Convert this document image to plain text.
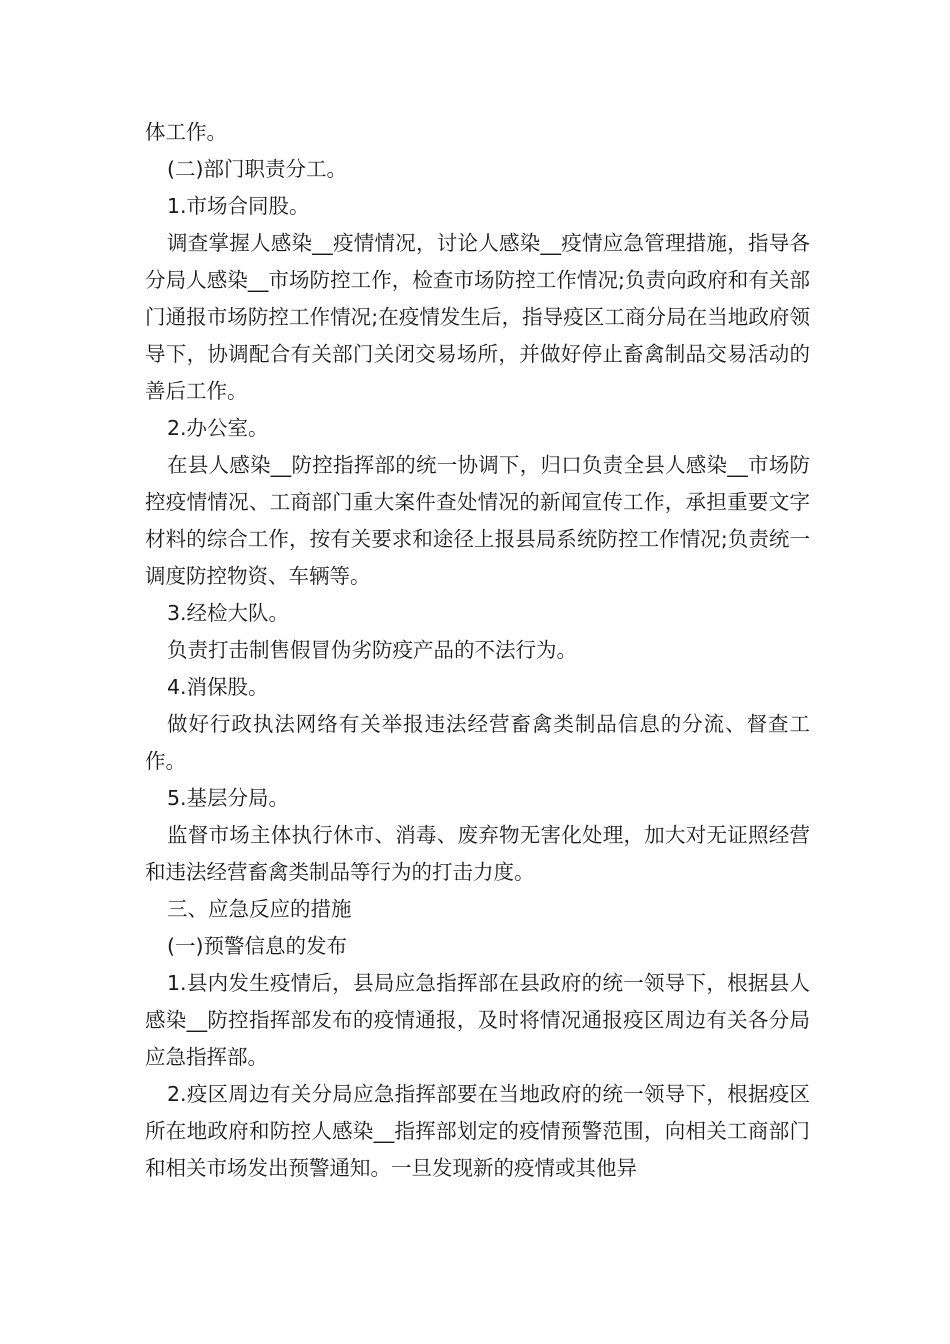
体工作。

(二)部门职责分工。

1.市场合同股。

调查掌握人感染__疫情情况，讨论人感染__疫情应急管理措施，指导各分局人感染__市场防控工作，检查市场防控工作情况;负责向政府和有关部门通报市场防控工作情况;在疫情发生后，指导疫区工商分局在当地政府领导下，协调配合有关部门关闭交易场所，并做好停止畜禽制品交易活动的善后工作。

2.办公室。

在县人感染__防控指挥部的统一协调下，归口负责全县人感染__市场防控疫情情况、工商部门重大案件查处情况的新闻宣传工作，承担重要文字材料的综合工作，按有关要求和途径上报县局系统防控工作情况;负责统一调度防控物资、车辆等。

3.经检大队。

负责打击制售假冒伪劣防疫产品的不法行为。

4.消保股。

做好行政执法网络有关举报违法经营畜禽类制品信息的分流、督查工作。

5.基层分局。

监督市场主体执行休市、消毒、废弃物无害化处理，加大对无证照经营和违法经营畜禽类制品等行为的打击力度。

三、应急反应的措施

(一)预警信息的发布

1.县内发生疫情后，县局应急指挥部在县政府的统一领导下，根据县人感染__防控指挥部发布的疫情通报，及时将情况通报疫区周边有关各分局应急指挥部。

2.疫区周边有关分局应急指挥部要在当地政府的统一领导下，根据疫区所在地政府和防控人感染__指挥部划定的疫情预警范围，向相关工商部门和相关市场发出预警通知。一旦发现新的疫情或其他异
